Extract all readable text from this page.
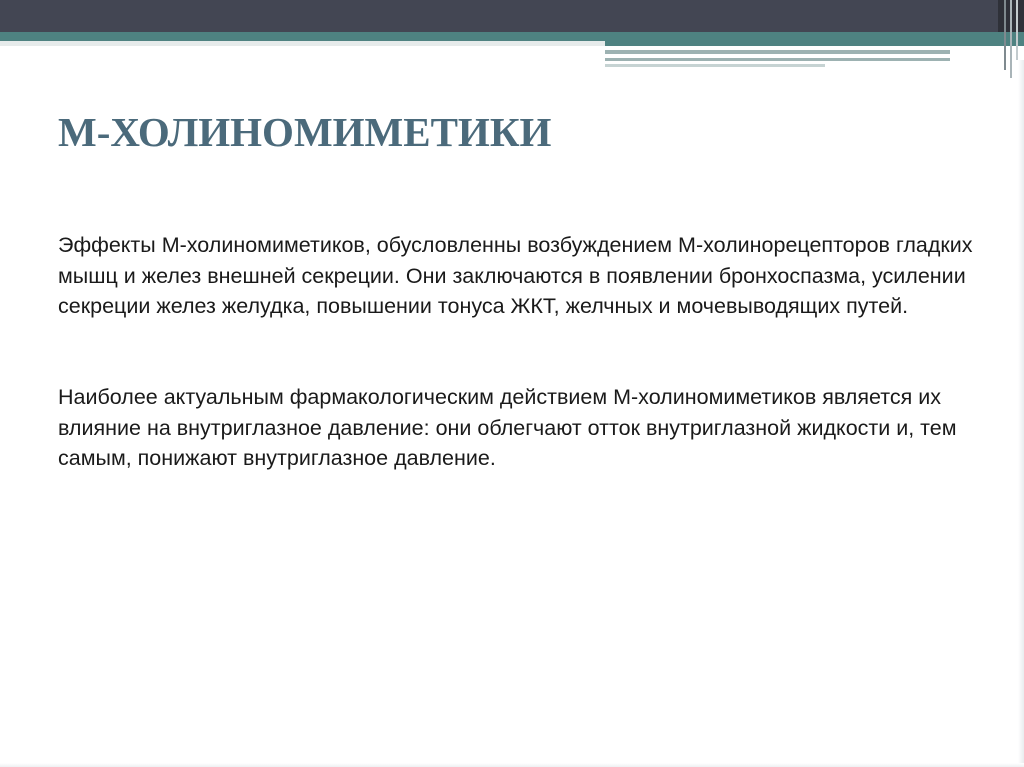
М-ХОЛИНОМИМЕТИКИ

Эффекты М-холиномиметиков, обусловленны возбуждением М-холинорецепторов гладких мышц и желез внешней секреции. Они заключаются в появлении бронхоспазма, усилении секреции желез желудка, повышении тонуса ЖКТ, желчных и мочевыводящих путей.

Наиболее актуальным фармакологическим действием М-холиномиметиков является их влияние на внутриглазное давление: они облегчают отток внутриглазной жидкости и, тем самым, понижают внутриглазное давление.
